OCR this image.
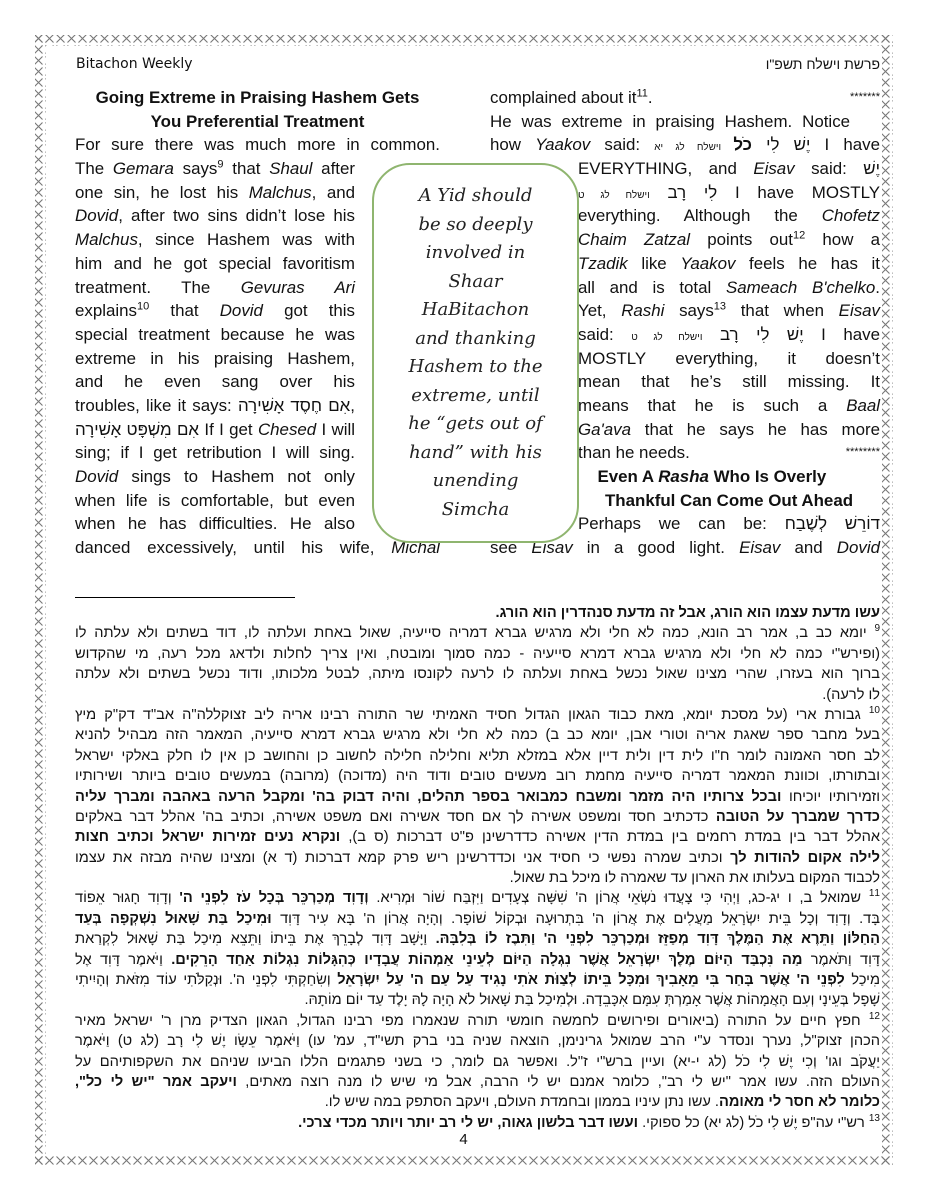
Bitachon Weekly	פרשת וישלח תשפ"ו
Going Extreme in Praising Hashem Gets
You Preferential Treatment
For sure there was much more in common.
The Gemara says$^9$ that Shaul after
one sin, he lost his Malchus, and
Dovid, after two sins didn’t lose his
Malchus, since Hashem was with
him and he got special favoritism
treatment. The Gevuras Ari
explains$^{10}$ that Dovid got this
special treatment because he was
extreme in his praising Hashem,
and he even sang over his
troubles, like it says: אִם חֶסֶד אָשִׁירָה,
אִם מִשְׁפָּט אָשִׁירָה If I get Chesed I will
sing; if I get retribution I will sing.
Dovid sings to Hashem not only
when life is comfortable, but even
when he has difficulties. He also
danced excessively, until his wife, Michal
*******
complained about $it^{11}$.
He was extreme in praising Hashem. Notice
how Yaakov said:	יֶשׁ לִי כֹל וישלח לג יא	I have
EVERYTHING, and Eisav said: יֶשׁ
לִי רָב וישלח לג ט	I have MOSTLY
everything. Although the Chofetz
Chaim Zatzal points out$^{12}$ how a
Tzadik like Yaakov feels he has it
all and is total Sameach B'chelko.
Yet, Rashi says$^{13}$ that when Eisav
said:	יֶשׁ לִי רָב וישלח לג ט	I have
MOSTLY everything, it doesn’t
mean that he’s still missing. It
means that he is such a Baal
Ga'ava that he says he has more
********
than he needs.
Even A Rasha Who Is Overly
Thankful Can Come Out Ahead
Perhaps we can be: דוֹרֵשׁ לְשֶׁבַח
see Eisav in a good light. Eisav and Dovid
A Yid should
be so deeply
involved in
Shaar
HaBitachon
and thanking
Hashem to the
extreme, until
he “gets out of
hand” with his
unending
Simcha
עשו מדעת עצמו הוא הורג, אבל זה מדעת סנהדרין הוא הורג.
$^9$ יומא כב ב, אמר רב הונא, כמה לא חלי ולא מרגיש גברא דמריה סייעיה, שאול באחת ועלתה לו, דוד בשתים ולא עלתה לו
(ופירש"י כמה לא חלי ולא מרגיש גברא דמרא סייעיה - כמה סמוך ומובטח, ואין צריך לחלות ולדאג מכל רעה, מי שהקדוש
ברוך הוא בעזרו, שהרי מצינו שאול נכשל באחת ועלתה לו לרעה לקונסו מיתה, לבטל מלכותו, ודוד נכשל בשתים ולא עלתה
לו לרעה).
$^{10}$ גבורת ארי (על מסכת יומא, מאת כבוד הגאון הגדול חסיד האמיתי שר התורה רבינו אריה ליב זצוקללה"ה אב"ד דק"ק מיץ
בעל מחבר ספר שאגת אריה וטורי אבן, יומא כב ב) כמה לא חלי ולא מרגיש גברא דמרא סייעיה, המאמר הזה מבהיל להניא
לב חסר האמונה לומר ח"ו לית דין ולית דיין אלא במזלא תליא וחלילה חלילה לחשוב כן והחושב כן אין לו חלק באלקי ישראל
ובתורתו, וכוונת המאמר דמריה סייעיה מחמת רוב מעשים טובים ודוד היה (מדוכה) (מרובה) במעשים טובים ביותר ושירותיו
וזמירותיו יוכיחו ובכל צרותיו היה מזמר ומשבח כמבואר בספר תהלים, והיה דבוק בה' ומקבל הרעה באהבה ומברך עליה
כדרך שמברך על הטובה כדכתיב חסד ומשפט אשירה לך אם חסד אשירה ואם משפט אשירה, וכתיב בה' אהלל דבר באלקים
אהלל דבר בין במדת רחמים בין במדת הדין אשירה כדדרשינן פ"ט דברכות (ס ב), ונקרא נעים זמירות ישראל וכתיב חצות
לילה אקום להודות לך וכתיב שמרה נפשי כי חסיד אני וכדדרשינן ריש פרק קמא דברכות (ד א) ומצינו שהיה מבזה את עצמו
לכבוד המקום בעלותו את הארון עד שאמרה לו מיכל בת שאול.
$^{11}$ שמואל ב, ו יג-כג, וַיְהִי כִּי צָעֲדוּ נֹשְׂאֵי אֲרוֹן ה' שִׁשָּׁה צְעָדִים וַיִּזְבַּח שׁוֹר וּמְרִיא. וְדָוִד מְכַרְכֵּר בְּכָל עֹז לִפְנֵי ה' וְדָוִד חָגוּר אֵפוֹד
בָּד. וְדָוִד וְכָל בֵּית יִשְׂרָאֵל מַעֲלִים אֶת אֲרוֹן ה' בִּתְרוּעָה וּבְקוֹל שׁוֹפָר. וְהָיָה אֲרוֹן ה' בָּא עִיר דָּוִד וּמִיכַל בַּת שָׁאוּל נִשְׁקְפָה בְּעַד
הַחַלּוֹן וַתֵּרֶא אֶת הַמֶּלֶךְ דָּוִד מְפַזֵּז וּמְכַרְכֵּר לִפְנֵי ה' וַתִּבֶז לוֹ בְּלִבָּהּ. וַיָּשָׁב דָּוִד לְבָרֵךְ אֶת בֵּיתוֹ וַתֵּצֵא מִיכַל בַּת שָׁאוּל לִקְרַאת
דָּוִד וַתֹּאמֶר מַה נִּכְבַּד הַיּוֹם מֶלֶךְ יִשְׂרָאֵל אֲשֶׁר נִגְלָה הַיּוֹם לְעֵינֵי אַמְהוֹת עֲבָדָיו כְּהִגָּלוֹת נִגְלוֹת אַחַד הָרֵקִים. וַיֹּאמֶר דָּוִד אֶל
מִיכַל לִפְנֵי ה' אֲשֶׁר בָּחַר בִּי מֵאָבִיךְ וּמִכָּל בֵּיתוֹ לְצַוֹּת אֹתִי נָגִיד עַל עַם ה' עַל יִשְׂרָאֵל וְשִׂחַקְתִּי לִפְנֵי ה'. וּנְקַלֹּתִי עוֹד מִזֹּאת וְהָיִיתִי
שָׁפָל בְּעֵינָי וְעִם הָאֲמָהוֹת אֲשֶׁר אָמַרְתְּ עִמָּם אִכָּבֵדָה. וּלְמִיכַל בַּת שָׁאוּל לֹא הָיָה לָהּ יָלֶד עַד יוֹם מוֹתָהּ.
$^{12}$ חפץ חיים על התורה (ביאורים ופירושים לחמשה חומשי תורה שנאמרו מפי רבינו הגדול, הגאון הצדיק מרן ר' ישראל מאיר
הכהן זצוק"ל, נערך ונסדר ע"י הרב שמואל גרינימן, הוצאה שניה בני ברק תשי"ד, עמ' עו) וַיֹּאמֶר עֵשָׂו יֶשׁ לִי רָב (לג ט) וַיֹּאמֶר
יַעֲקֹב וגו' וְכִי יֶשׁ לִי כֹל (לג י-יא) ועיין ברש"י ז"ל. ואפשר גם לומר, כי בשני פתגמים הללו הביעו שניהם את השקפותיהם על
העולם הזה. עשו אמר "יש לי רב", כלומר אמנם יש לי הרבה, אבל מי שיש לו מנה רוצה מאתים, ויעקב אמר "יש לי כל",
כלומר לא חסר לי מאומה. עשו נתן עיניו בממון ובחמדת העולם, ויעקב הסתפק במה שיש לו.
$^{13}$ רש"י עה"פ יֶשׁ לִי כֹל (לג יא) כל ספוקי. ועשו דבר בלשון גאוה, יש לי רב יותר ויותר מכדי צרכי.
4
